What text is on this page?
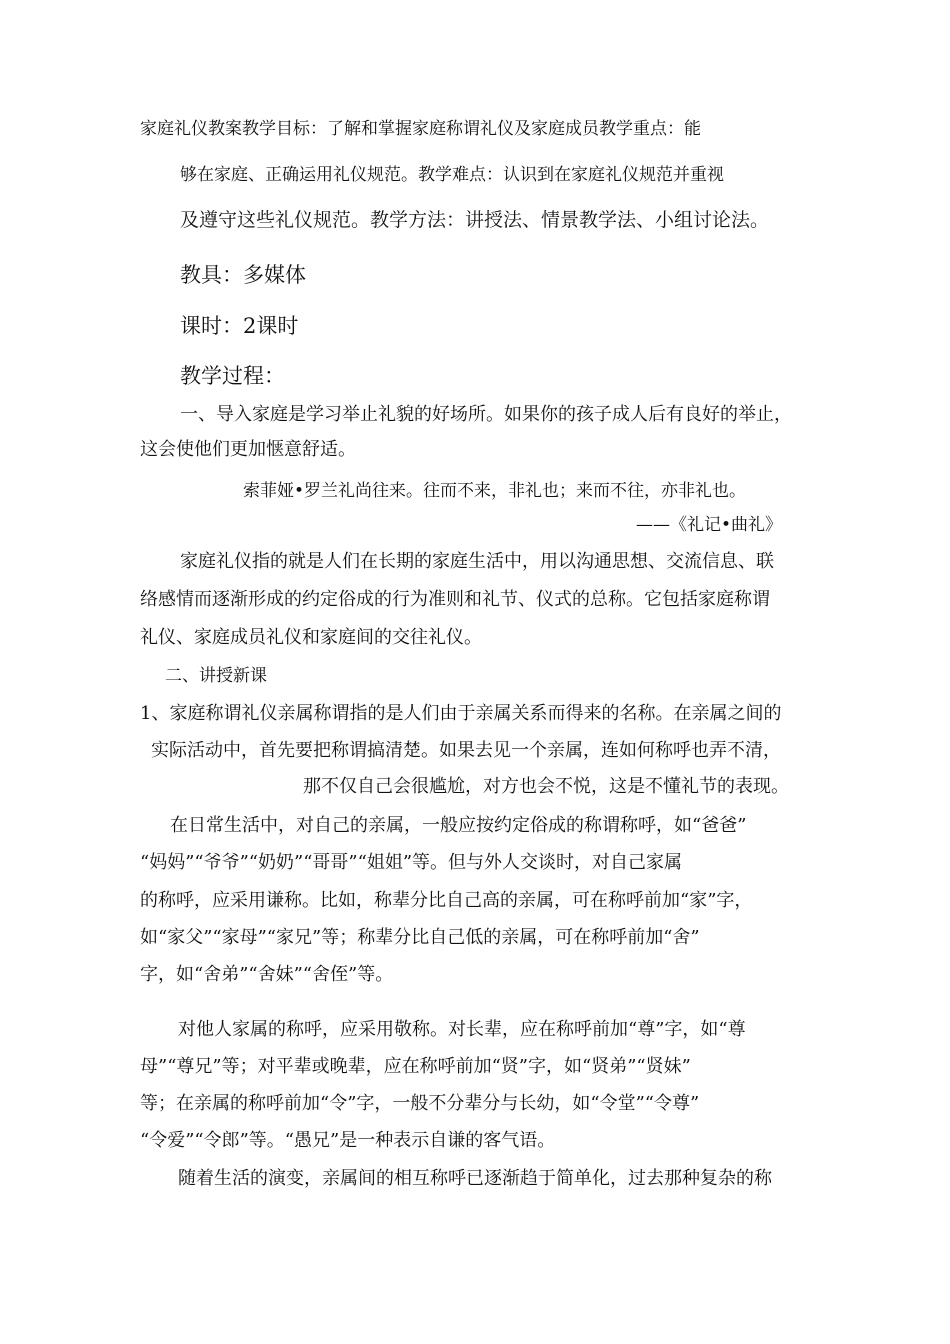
家庭礼仪教案教学目标：了解和掌握家庭称谓礼仪及家庭成员教学重点：能
够在家庭、正确运用礼仪规范。教学难点：认识到在家庭礼仪规范并重视
及遵守这些礼仪规范。教学方法：讲授法、情景教学法、小组讨论法。
教具：多媒体
课时：2课时
教学过程：
一、导入家庭是学习举止礼貌的好场所。如果你的孩子成人后有良好的举止，
这会使他们更加惬意舒适。
索菲娅•罗兰礼尚往来。往而不来，非礼也；来而不往，亦非礼也。
——《礼记•曲礼》
家庭礼仪指的就是人们在长期的家庭生活中，用以沟通思想、交流信息、联
络感情而逐渐形成的约定俗成的行为准则和礼节、仪式的总称。它包括家庭称谓
礼仪、家庭成员礼仪和家庭间的交往礼仪。
二、讲授新课
1、家庭称谓礼仪亲属称谓指的是人们由于亲属关系而得来的名称。在亲属之间的
实际活动中，首先要把称谓搞清楚。如果去见一个亲属，连如何称呼也弄不清，
那不仅自己会很尴尬，对方也会不悦，这是不懂礼节的表现。
在日常生活中，对自己的亲属，一般应按约定俗成的称谓称呼，如“爸爸”
“妈妈”“爷爷”“奶奶”“哥哥”“姐姐”等。但与外人交谈时，对自己家属
的称呼，应采用谦称。比如，称辈分比自己高的亲属，可在称呼前加“家”字，
如“家父”“家母”“家兄”等；称辈分比自己低的亲属，可在称呼前加“舍”
字，如“舍弟”“舍妹”“舍侄”等。
对他人家属的称呼，应采用敬称。对长辈，应在称呼前加“尊”字，如“尊
母”“尊兄”等；对平辈或晚辈，应在称呼前加“贤”字，如“贤弟”“贤妹”
等；在亲属的称呼前加“令”字，一般不分辈分与长幼，如“令堂”“令尊”
“令爱”“令郎”等。“愚兄”是一种表示自谦的客气语。
随着生活的演变，亲属间的相互称呼已逐渐趋于简单化，过去那种复杂的称
